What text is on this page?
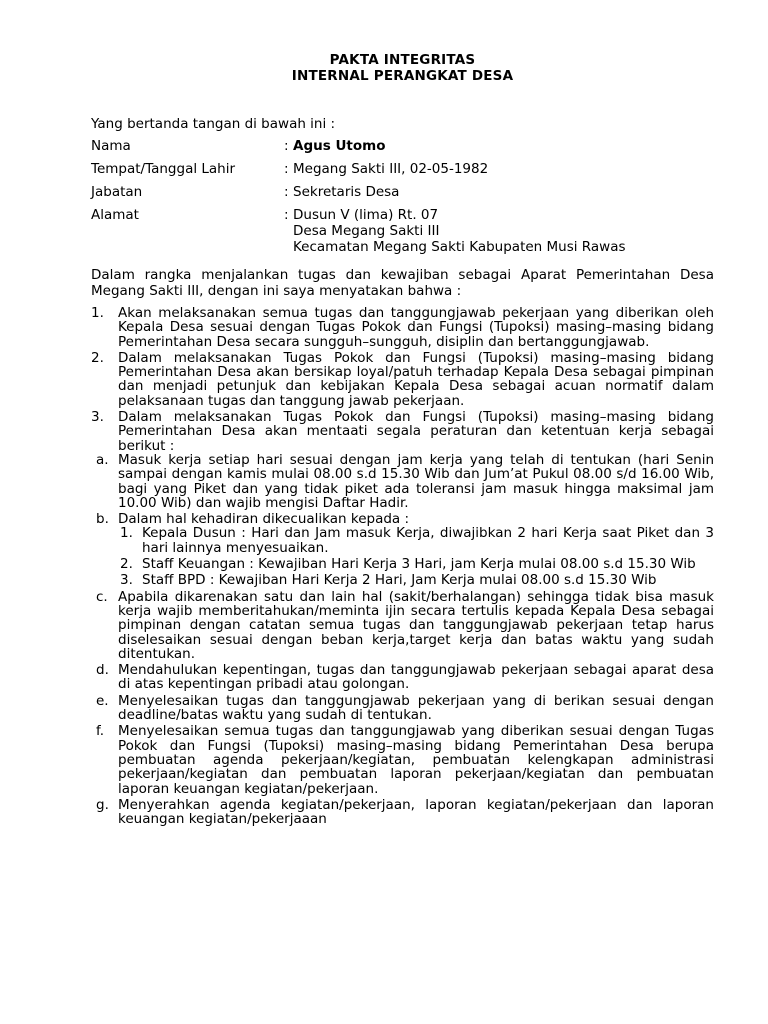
PAKTA INTEGRITAS
INTERNAL PERANGKAT DESA
Yang bertanda tangan di bawah ini :
Nama	: Agus Utomo
Tempat/Tanggal Lahir	: Megang Sakti III, 02-05-1982
Jabatan	: Sekretaris Desa
Alamat	: Dusun V (lima) Rt. 07
Desa Megang Sakti III
Kecamatan Megang Sakti Kabupaten Musi Rawas
Dalam rangka menjalankan tugas dan kewajiban sebagai Aparat Pemerintahan Desa Megang Sakti III, dengan ini saya menyatakan bahwa :
1. Akan melaksanakan semua tugas dan tanggungjawab pekerjaan yang diberikan oleh Kepala Desa sesuai dengan Tugas Pokok dan Fungsi (Tupoksi) masing–masing bidang Pemerintahan Desa secara sungguh–sungguh, disiplin dan bertanggungjawab.
2. Dalam melaksanakan Tugas Pokok dan Fungsi (Tupoksi) masing–masing bidang Pemerintahan Desa akan bersikap loyal/patuh terhadap Kepala Desa sebagai pimpinan dan menjadi petunjuk dan kebijakan Kepala Desa sebagai acuan normatif dalam pelaksanaan tugas dan tanggung jawab pekerjaan.
3. Dalam melaksanakan Tugas Pokok dan Fungsi (Tupoksi) masing–masing bidang Pemerintahan Desa akan mentaati segala peraturan dan ketentuan kerja sebagai berikut :
a. Masuk kerja setiap hari sesuai dengan jam kerja yang telah di tentukan (hari Senin sampai dengan kamis mulai 08.00 s.d 15.30 Wib dan Jum’at Pukul 08.00 s/d 16.00 Wib, bagi yang Piket dan yang tidak piket ada toleransi jam masuk hingga maksimal jam 10.00 Wib) dan wajib mengisi Daftar Hadir.
b. Dalam hal kehadiran dikecualikan kepada :
1. Kepala Dusun : Hari dan Jam masuk Kerja, diwajibkan 2 hari Kerja saat Piket dan 3 hari lainnya menyesuaikan.
2. Staff Keuangan : Kewajiban Hari Kerja 3 Hari, jam Kerja mulai 08.00 s.d 15.30 Wib
3. Staff BPD : Kewajiban Hari Kerja 2 Hari, Jam Kerja mulai 08.00 s.d 15.30 Wib
c. Apabila dikarenakan satu dan lain hal (sakit/berhalangan) sehingga tidak bisa masuk kerja wajib memberitahukan/meminta ijin secara tertulis kepada Kepala Desa sebagai pimpinan dengan catatan semua tugas dan tanggungjawab pekerjaan tetap harus diselesaikan sesuai dengan beban kerja,target kerja dan batas waktu yang sudah ditentukan.
d. Mendahulukan kepentingan, tugas dan tanggungjawab pekerjaan sebagai aparat desa di atas kepentingan pribadi atau golongan.
e. Menyelesaikan tugas dan tanggungjawab pekerjaan yang di berikan sesuai dengan deadline/batas waktu yang sudah di tentukan.
f. Menyelesaikan semua tugas dan tanggungjawab yang diberikan sesuai dengan Tugas Pokok dan Fungsi (Tupoksi) masing–masing bidang Pemerintahan Desa berupa pembuatan agenda pekerjaan/kegiatan, pembuatan kelengkapan administrasi pekerjaan/kegiatan dan pembuatan laporan pekerjaan/kegiatan dan pembuatan laporan keuangan kegiatan/pekerjaan.
g. Menyerahkan agenda kegiatan/pekerjaan, laporan kegiatan/pekerjaan dan laporan keuangan kegiatan/pekerjaaan
